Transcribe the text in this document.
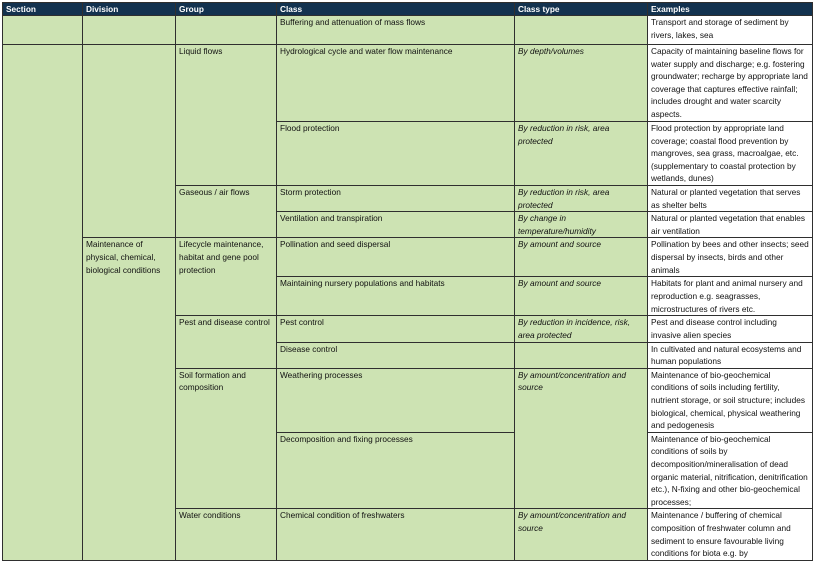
Section	Division	Group	Class	Class type	Examples
			Buffering and attenuation of mass flows		Transport and storage of sediment by rivers, lakes, sea
		Liquid flows	Hydrological cycle and water flow maintenance	By depth/volumes	Capacity of maintaining baseline flows for water supply and discharge; e.g. fostering groundwater; recharge by appropriate land coverage that captures effective rainfall; includes drought and water scarcity aspects.
			Flood protection	By reduction in risk, area protected	Flood protection by appropriate land coverage; coastal flood prevention by mangroves, sea grass, macroalgae, etc. (supplementary to coastal protection by wetlands, dunes)
		Gaseous / air flows	Storm protection	By reduction in risk, area protected	Natural or planted vegetation that serves as shelter belts
			Ventilation and transpiration	By change in temperature/humidity	Natural or planted vegetation that enables air ventilation
	Maintenance of physical, chemical, biological conditions	Lifecycle maintenance, habitat and gene pool protection	Pollination and seed dispersal	By amount and source	Pollination by bees and other insects; seed dispersal by insects, birds and other animals
			Maintaining nursery populations and habitats	By amount and source	Habitats for plant and animal nursery and reproduction e.g. seagrasses, microstructures of rivers etc.
		Pest and disease control	Pest control	By reduction in incidence, risk, area protected	Pest and disease control including invasive alien species
			Disease control		In cultivated and natural ecosystems and human populations
		Soil formation and composition	Weathering processes	By amount/concentration and source	Maintenance of bio-geochemical conditions of soils including fertility, nutrient storage, or soil structure; includes biological, chemical, physical weathering and pedogenesis
			Decomposition and fixing processes		Maintenance of bio-geochemical conditions of soils by decomposition/mineralisation of dead organic material, nitrification, denitrification etc.), N-fixing and other bio-geochemical processes;
		Water conditions	Chemical condition of freshwaters	By amount/concentration and source	Maintenance / buffering of chemical composition of freshwater column and sediment to ensure favourable living conditions for biota e.g. by
